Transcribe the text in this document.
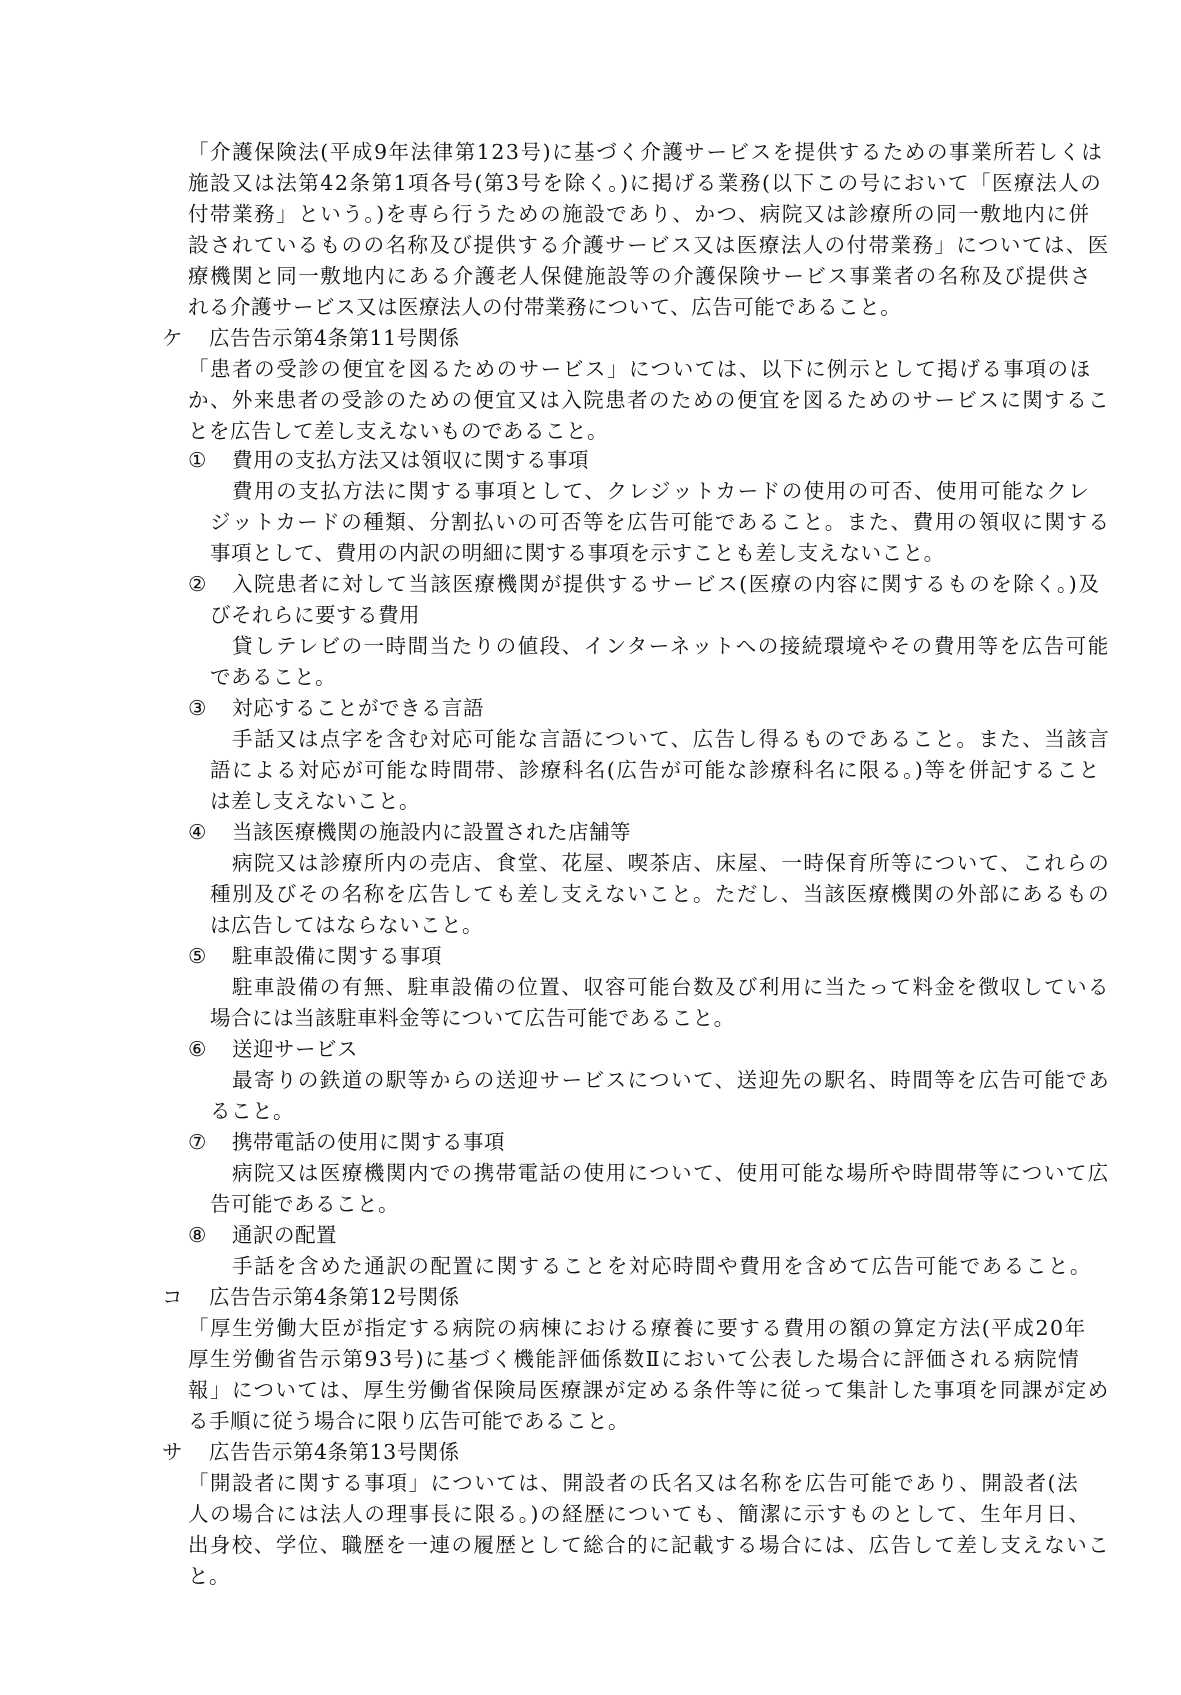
「介護保険法(平成9年法律第123号)に基づく介護サービスを提供するための事業所若しくは
施設又は法第42条第1項各号(第3号を除く。)に掲げる業務(以下この号において「医療法人の
付帯業務」という。)を専ら行うための施設であり、かつ、病院又は診療所の同一敷地内に併
設されているものの名称及び提供する介護サービス又は医療法人の付帯業務」については、医
療機関と同一敷地内にある介護老人保健施設等の介護保険サービス事業者の名称及び提供さ
れる介護サービス又は医療法人の付帯業務について、広告可能であること。
ケ 広告告示第4条第11号関係
「患者の受診の便宜を図るためのサービス」については、以下に例示として掲げる事項のほ
か、外来患者の受診のための便宜又は入院患者のための便宜を図るためのサービスに関するこ
とを広告して差し支えないものであること。
① 費用の支払方法又は領収に関する事項
費用の支払方法に関する事項として、クレジットカードの使用の可否、使用可能なクレ
ジットカードの種類、分割払いの可否等を広告可能であること。また、費用の領収に関する
事項として、費用の内訳の明細に関する事項を示すことも差し支えないこと。
② 入院患者に対して当該医療機関が提供するサービス(医療の内容に関するものを除く。)及
びそれらに要する費用
貸しテレビの一時間当たりの値段、インターネットへの接続環境やその費用等を広告可能
であること。
③ 対応することができる言語
手話又は点字を含む対応可能な言語について、広告し得るものであること。また、当該言
語による対応が可能な時間帯、診療科名(広告が可能な診療科名に限る。)等を併記すること
は差し支えないこと。
④ 当該医療機関の施設内に設置された店舗等
病院又は診療所内の売店、食堂、花屋、喫茶店、床屋、一時保育所等について、これらの
種別及びその名称を広告しても差し支えないこと。ただし、当該医療機関の外部にあるもの
は広告してはならないこと。
⑤ 駐車設備に関する事項
駐車設備の有無、駐車設備の位置、収容可能台数及び利用に当たって料金を徴収している
場合には当該駐車料金等について広告可能であること。
⑥ 送迎サービス
最寄りの鉄道の駅等からの送迎サービスについて、送迎先の駅名、時間等を広告可能であ
ること。
⑦ 携帯電話の使用に関する事項
病院又は医療機関内での携帯電話の使用について、使用可能な場所や時間帯等について広
告可能であること。
⑧ 通訳の配置
手話を含めた通訳の配置に関することを対応時間や費用を含めて広告可能であること。
コ 広告告示第4条第12号関係
「厚生労働大臣が指定する病院の病棟における療養に要する費用の額の算定方法(平成20年
厚生労働省告示第93号)に基づく機能評価係数Ⅱにおいて公表した場合に評価される病院情
報」については、厚生労働省保険局医療課が定める条件等に従って集計した事項を同課が定め
る手順に従う場合に限り広告可能であること。
サ 広告告示第4条第13号関係
「開設者に関する事項」については、開設者の氏名又は名称を広告可能であり、開設者(法
人の場合には法人の理事長に限る。)の経歴についても、簡潔に示すものとして、生年月日、
出身校、学位、職歴を一連の履歴として総合的に記載する場合には、広告して差し支えないこ
と。
